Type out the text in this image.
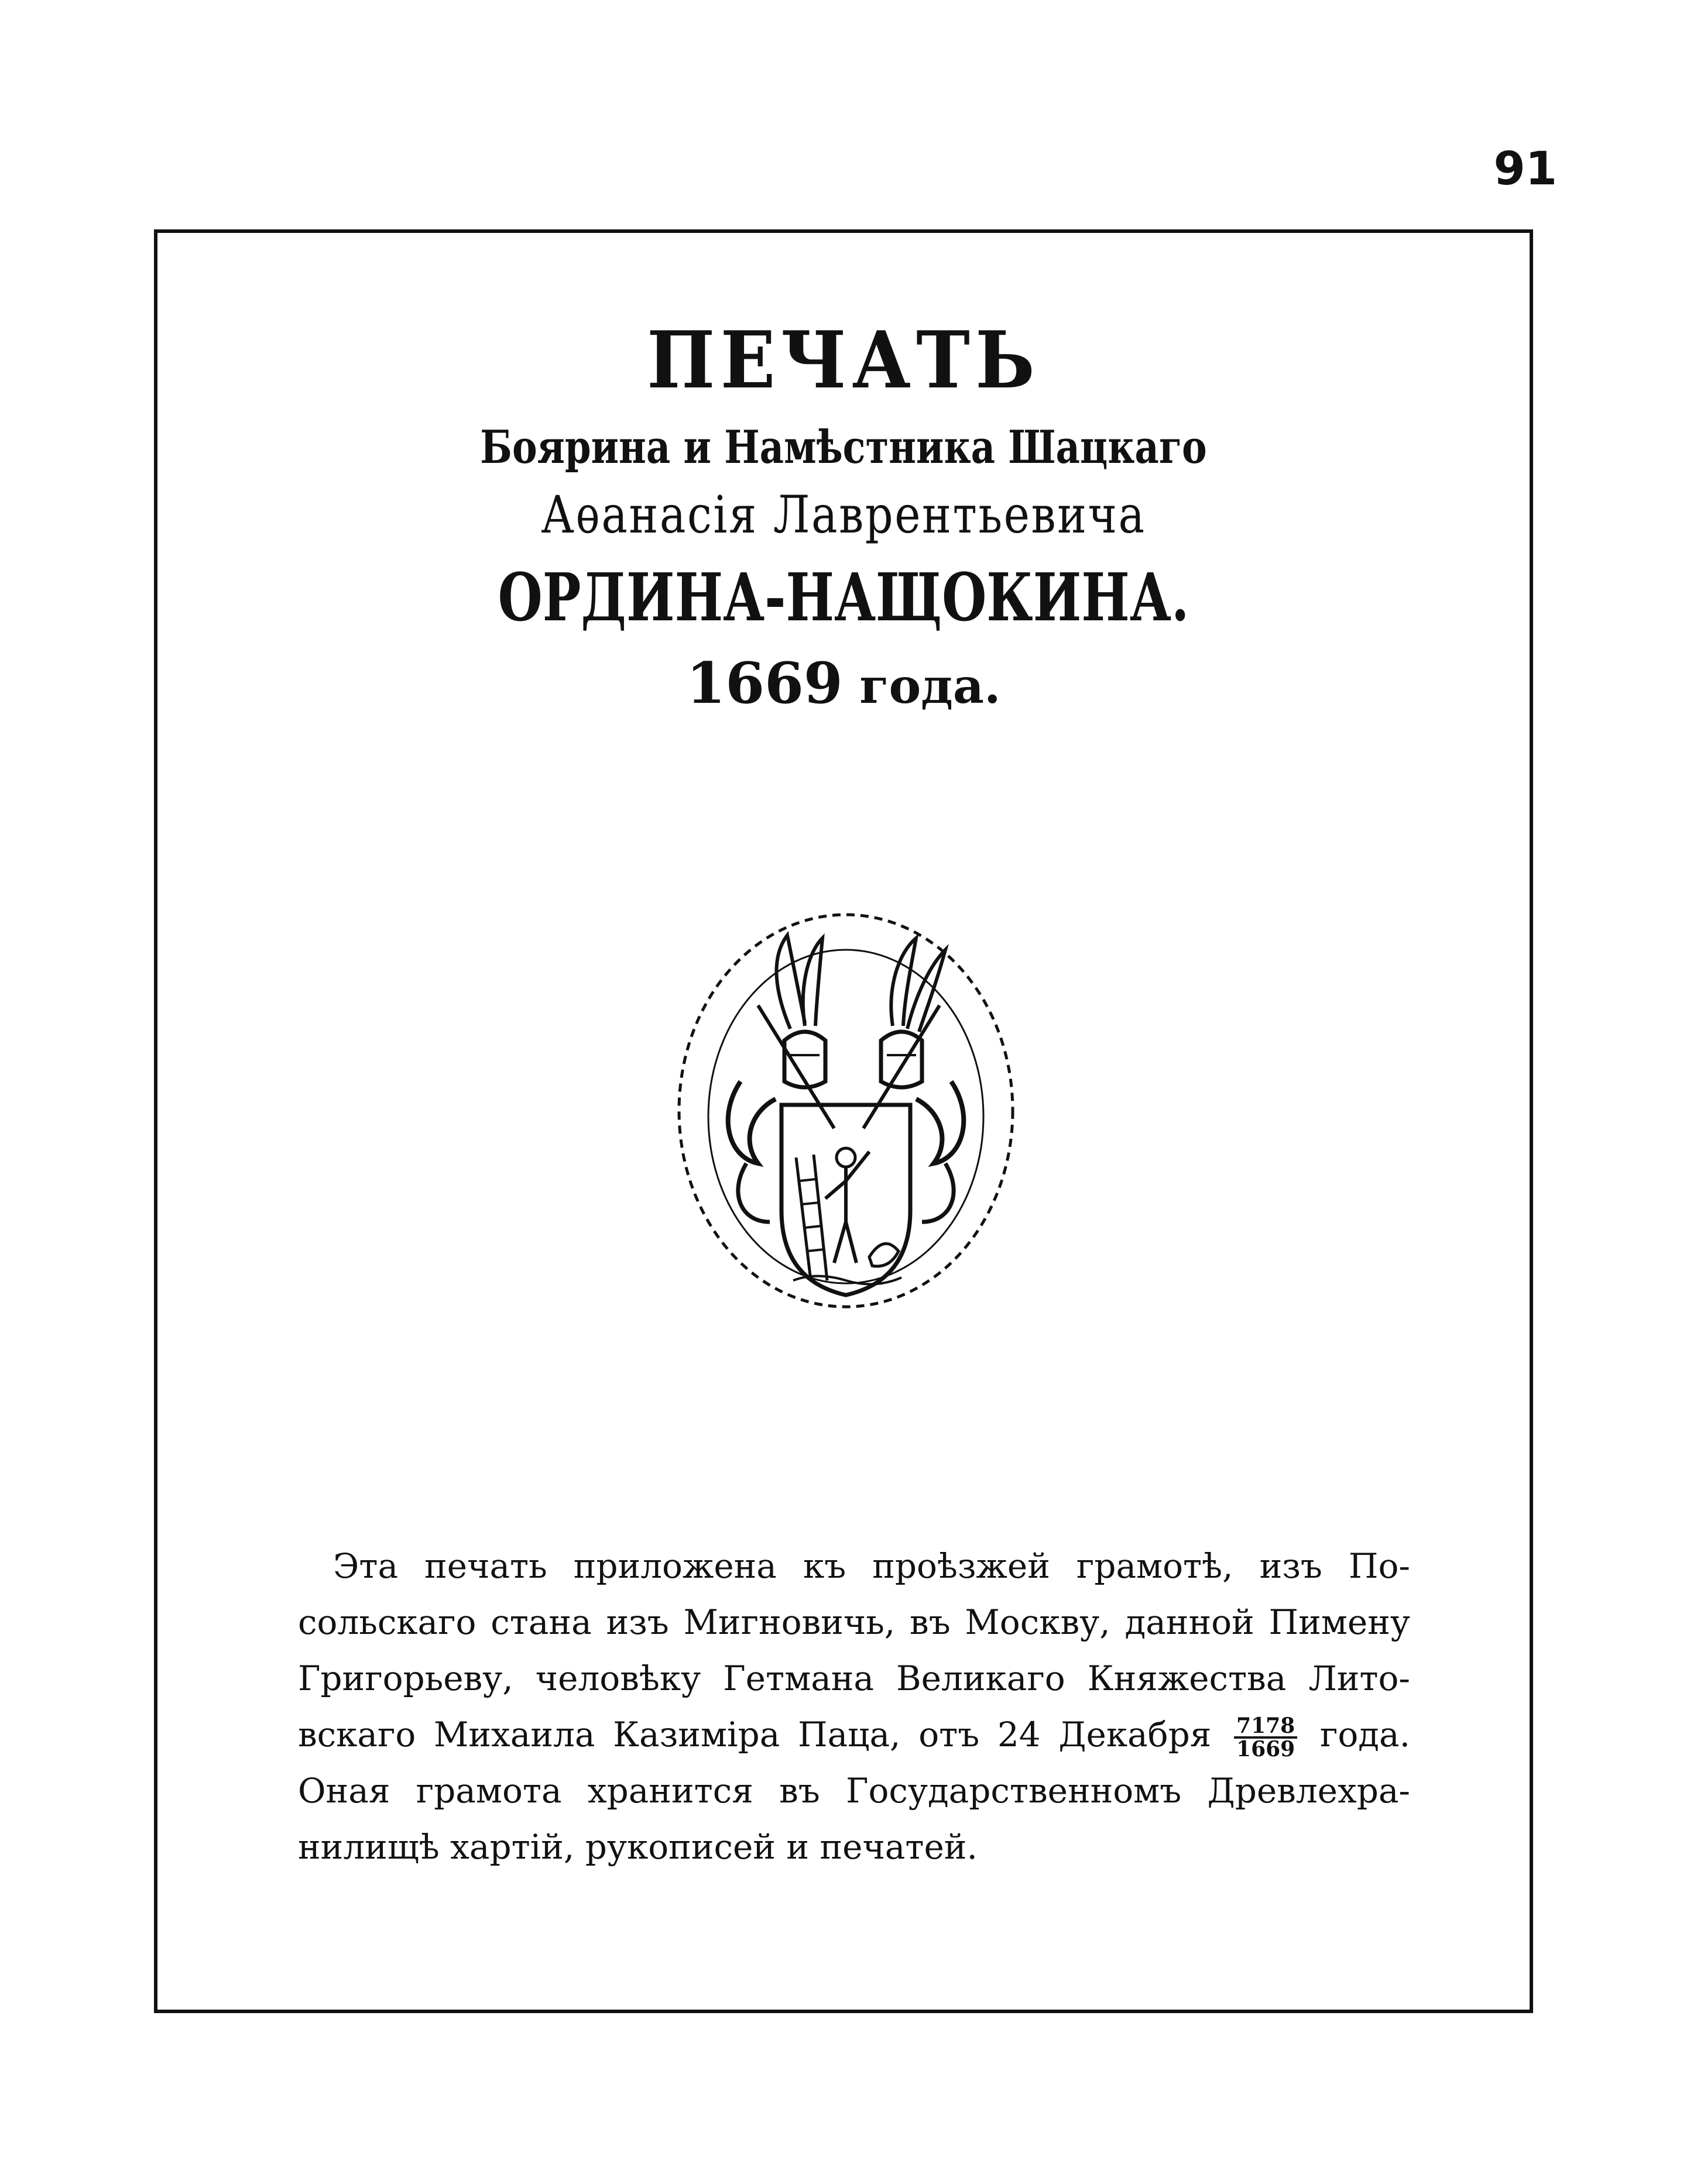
91
ПЕЧАТЬ
Боярина и Намѣстника Шацкаго
Аѳанасiя Лаврентьевича
ОРДИНА-НАЩОКИНА.
1669 года.
Эта печать приложена къ проѣзжей грамотѣ, изъ По-
сольскаго стана изъ Мигновичь, въ Москву, данной Пимену
Григорьеву, человѣку Гетмана Великаго Княжества Лито-
вскаго Михаила Казимiра Паца, отъ 24 Декабря $\frac{7178}{1669}$ года.
Оная грамота хранится въ Государственномъ Древлехра-
нилищѣ хартiй, рукописей и печатей.
